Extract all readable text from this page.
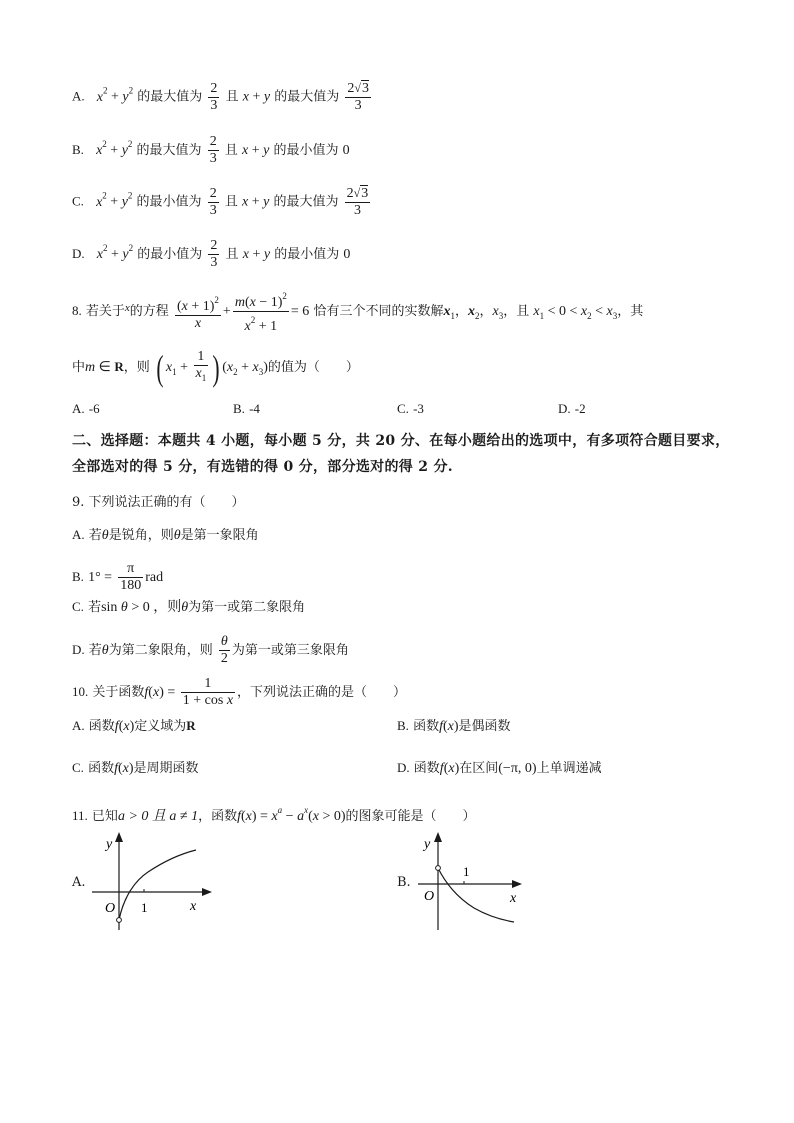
A. $x^2 + y^2$ 的最大值为 $\frac{2}{3}$ 且 x + y 的最大值为 $\frac{2√3}{3}$
B. $x^2 + y^2$ 的最大值为 $\frac{2}{3}$ 且 x + y 的最小值为 0
C. $x^2 + y^2$ 的最小值为 $\frac{2}{3}$ 且 x + y 的最大值为 $\frac{2√3}{3}$
D. $x^2 + y^2$ 的最小值为 $\frac{2}{3}$ 且 x + y 的最小值为 0
8. 若关于$^x$的方程 $\frac{(x + 1)^2}{x} + \frac{m(x - 1)^2}{x^2 + 1} = 6$ 恰有三个不同的实数解$x_1$，$x_2$，$x_3$，且 $x_1 < 0 < x_2 < x_3$，其
中m ∈ R，则 ( $x_1 + \frac{1}{x_1}$ ) $(x_2 + x_3)$的值为（　　）
A. -6	B. -4	C. -3	D. -2
二、选择题：本题共 4 小题，每小题 5 分，共 20 分、在每小题给出的选项中，有多项符合题目要求，全部选对的得 5 分，有选错的得 0 分，部分选对的得 2 分.
9. 下列说法正确的有（　　）
A. 若θ是锐角，则θ是第一象限角
B. $1^\circ = \frac{\pi}{180}$ rad
C. 若sin θ > 0 ，则θ为第一或第二象限角
D. 若θ为第二象限角，则 $\frac{\theta}{2}$ 为第一或第三象限角
10. 关于函数$f(x) = \frac{1}{\text{1 + cos x}}$ ，下列说法正确的是（　　）
A. 函数f(x)定义域为R	B. 函数f(x)是偶函数
C. 函数f(x)是周期函数	D. 函数f(x)在区间(−π, 0)上单调递减
11. 已知a > 0 且 a ≠ 1，函数$f(x) = x^a - a^x(x > 0)$的图象可能是（　　）
A.
y
x
O 1
B.
y
x
O
1
